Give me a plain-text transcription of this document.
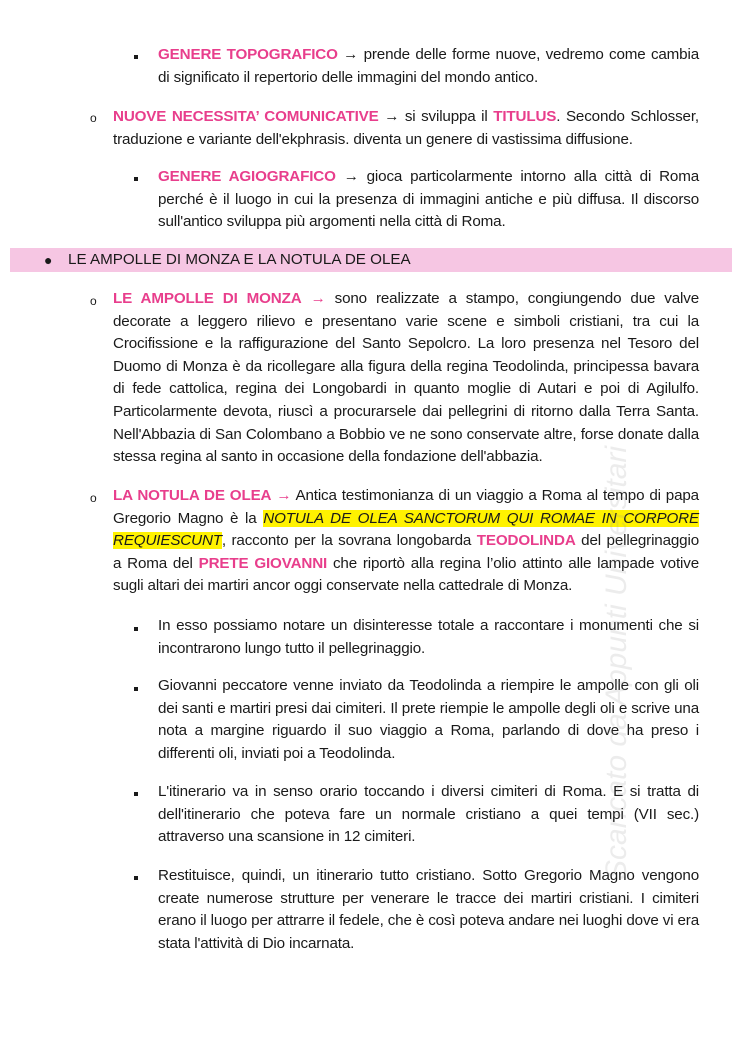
GENERE TOPOGRAFICO → prende delle forme nuove, vedremo come cambia di significato il repertorio delle immagini del mondo antico.
o NUOVE NECESSITA’ COMUNICATIVE → si sviluppa il TITULUS. Secondo Schlosser, traduzione e variante dell'ekphrasis. diventa un genere di vastissima diffusione.
GENERE AGIOGRAFICO → gioca particolarmente intorno alla città di Roma perché è il luogo in cui la presenza di immagini antiche e più diffusa. Il discorso sull'antico sviluppa più argomenti nella città di Roma.
● LE AMPOLLE DI MONZA E LA NOTULA DE OLEA
o LE AMPOLLE DI MONZA → sono realizzate a stampo, congiungendo due valve decorate a leggero rilievo e presentano varie scene e simboli cristiani, tra cui la Crocifissione e la raffigurazione del Santo Sepolcro. La loro presenza nel Tesoro del Duomo di Monza è da ricollegare alla figura della regina Teodolinda, principessa bavara di fede cattolica, regina dei Longobardi in quanto moglie di Autari e poi di Agilulfo. Particolarmente devota, riuscì a procurarsele dai pellegrini di ritorno dalla Terra Santa. Nell'Abbazia di San Colombano a Bobbio ve ne sono conservate altre, forse donate dalla stessa regina al santo in occasione della fondazione dell'abbazia.
o LA NOTULA DE OLEA → Antica testimonianza di un viaggio a Roma al tempo di papa Gregorio Magno è la NOTULA DE OLEA SANCTORUM QUI ROMAE IN CORPORE REQUIESCUNT, racconto per la sovrana longobarda TEODOLINDA del pellegrinaggio a Roma del PRETE GIOVANNI che riportò alla regina l’olio attinto alle lampade votive sugli altari dei martiri ancor oggi conservate nella cattedrale di Monza.
In esso possiamo notare un disinteresse totale a raccontare i monumenti che si incontrarono lungo tutto il pellegrinaggio.
Giovanni peccatore venne inviato da Teodolinda a riempire le ampolle con gli oli dei santi e martiri presi dai cimiteri. Il prete riempie le ampolle degli oli e scrive una nota a margine riguardo il suo viaggio a Roma, parlando di dove ha preso i differenti oli, inviati poi a Teodolinda.
L'itinerario va in senso orario toccando i diversi cimiteri di Roma. E si tratta di dell'itinerario che poteva fare un normale cristiano a quei tempi (VII sec.) attraverso una scansione in 12 cimiteri.
Restituisce, quindi, un itinerario tutto cristiano. Sotto Gregorio Magno vengono create numerose strutture per venerare le tracce dei martiri cristiani. I cimiteri erano il luogo per attrarre il fedele, che è così poteva andare nei luoghi dove vi era stata l'attività di Dio incarnata.
Scaricato da Appunti Universitari
